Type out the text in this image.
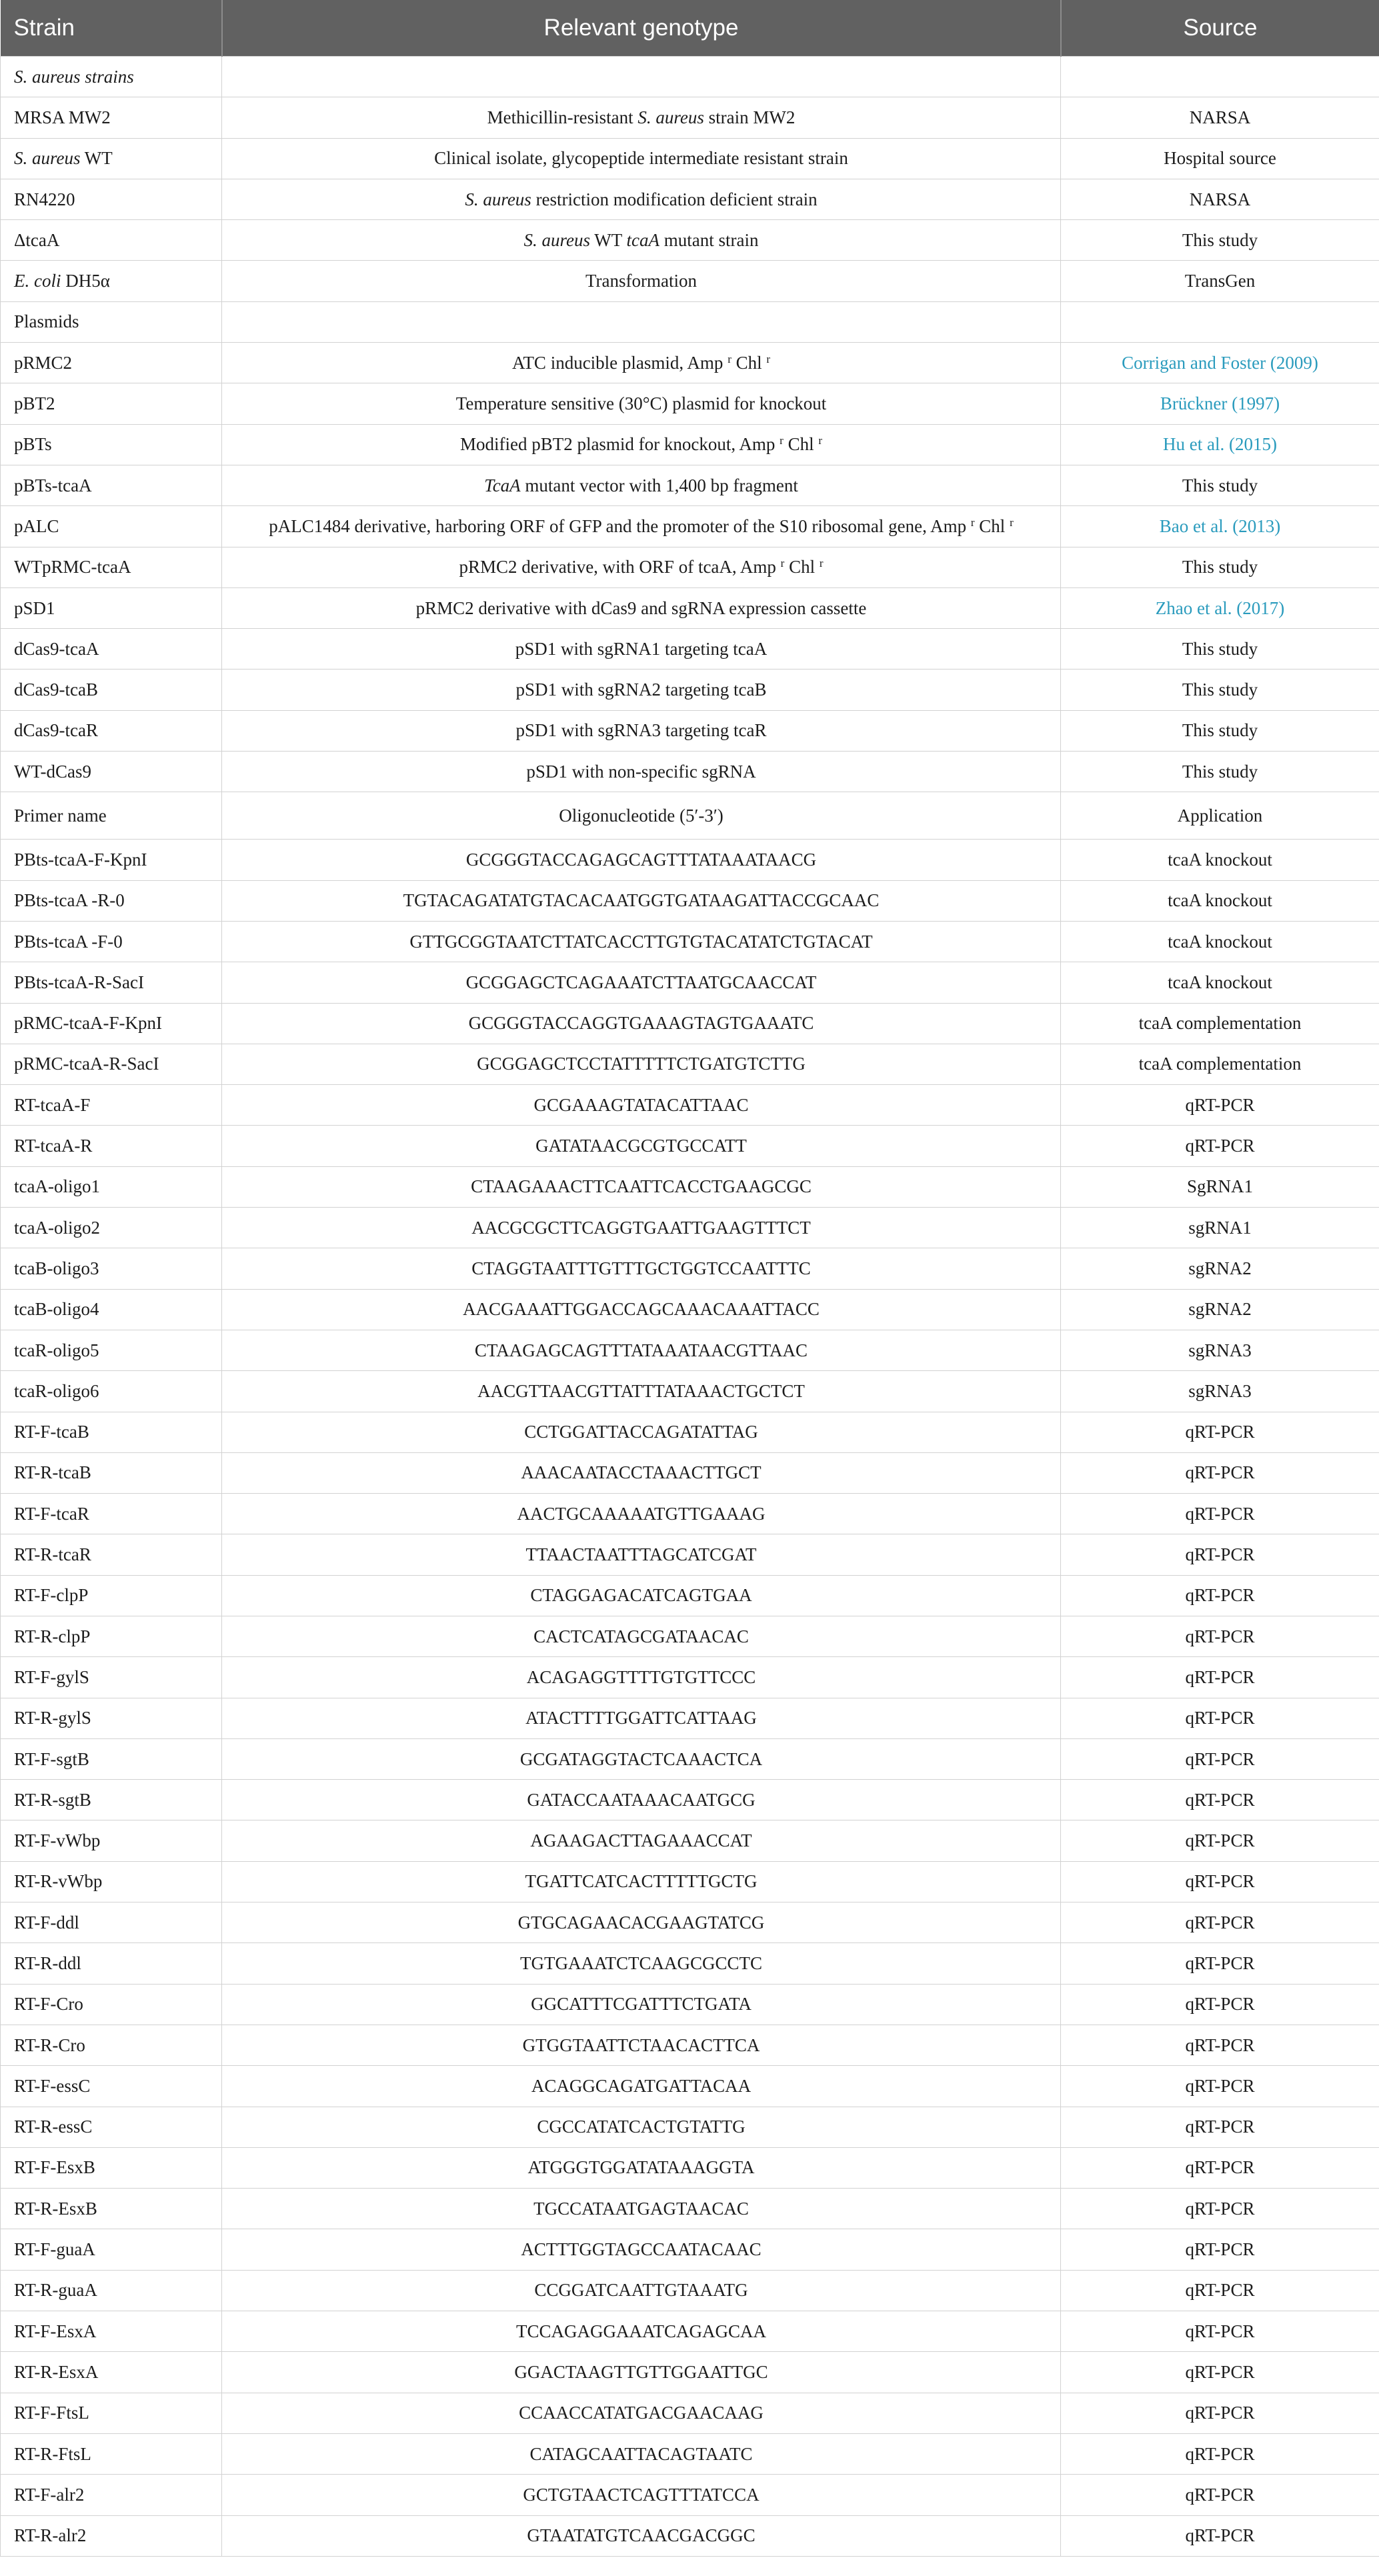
Strain	Relevant genotype	Source
S. aureus strains		
MRSA MW2	Methicillin-resistant S. aureus strain MW2	NARSA
S. aureus WT	Clinical isolate, glycopeptide intermediate resistant strain	Hospital source
RN4220	S. aureus restriction modification deficient strain	NARSA
ΔtcaA	S. aureus WT tcaA mutant strain	This study
E. coli DH5α	Transformation	TransGen
Plasmids		
pRMC2	ATC inducible plasmid, Amp $^r$ Chl $^r$	Corrigan and Foster (2009)
pBT2	Temperature sensitive (30°C) plasmid for knockout	Brückner (1997)
pBTs	Modified pBT2 plasmid for knockout, Amp $^r$ Chl $^r$	Hu et al. (2015)
pBTs-tcaA	TcaA mutant vector with 1,400 bp fragment	This study
pALC	pALC1484 derivative, harboring ORF of GFP and the promoter of the S10 ribosomal gene, Amp $^r$ Chl $^r$	Bao et al. (2013)
WTpRMC-tcaA	pRMC2 derivative, with ORF of tcaA, Amp $^r$ Chl $^r$	This study
pSD1	pRMC2 derivative with dCas9 and sgRNA expression cassette	Zhao et al. (2017)
dCas9-tcaA	pSD1 with sgRNA1 targeting tcaA	This study
dCas9-tcaB	pSD1 with sgRNA2 targeting tcaB	This study
dCas9-tcaR	pSD1 with sgRNA3 targeting tcaR	This study
WT-dCas9	pSD1 with non-specific sgRNA	This study
Primer name	Oligonucleotide (5′-3′)	Application
PBts-tcaA-F-KpnI	GCGGGTACCAGAGCAGTTTATAAATAACG	tcaA knockout
PBts-tcaA -R-0	TGTACAGATATGTACACAATGGTGATAAGATTACCGCAAC	tcaA knockout
PBts-tcaA -F-0	GTTGCGGTAATCTTATCACCTTGTGTACATATCTGTACAT	tcaA knockout
PBts-tcaA-R-SacI	GCGGAGCTCAGAAATCTTAATGCAACCAT	tcaA knockout
pRMC-tcaA-F-KpnI	GCGGGTACCAGGTGAAAGTAGTGAAATC	tcaA complementation
pRMC-tcaA-R-SacI	GCGGAGCTCCTATTTTTCTGATGTCTTG	tcaA complementation
RT-tcaA-F	GCGAAAGTATACATTAAC	qRT-PCR
RT-tcaA-R	GATATAACGCGTGCCATT	qRT-PCR
tcaA-oligo1	CTAAGAAACTTCAATTCACCTGAAGCGC	SgRNA1
tcaA-oligo2	AACGCGCTTCAGGTGAATTGAAGTTTCT	sgRNA1
tcaB-oligo3	CTAGGTAATTTGTTTGCTGGTCCAATTTC	sgRNA2
tcaB-oligo4	AACGAAATTGGACCAGCAAACAAATTACC	sgRNA2
tcaR-oligo5	CTAAGAGCAGTTTATAAATAACGTTAAC	sgRNA3
tcaR-oligo6	AACGTTAACGTTATTTATAAACTGCTCT	sgRNA3
RT-F-tcaB	CCTGGATTACCAGATATTAG	qRT-PCR
RT-R-tcaB	AAACAATACCTAAACTTGCT	qRT-PCR
RT-F-tcaR	AACTGCAAAAATGTTGAAAG	qRT-PCR
RT-R-tcaR	TTAACTAATTTAGCATCGAT	qRT-PCR
RT-F-clpP	CTAGGAGACATCAGTGAA	qRT-PCR
RT-R-clpP	CACTCATAGCGATAACAC	qRT-PCR
RT-F-gylS	ACAGAGGTTTTGTGTTCCC	qRT-PCR
RT-R-gylS	ATACTTTTGGATTCATTAAG	qRT-PCR
RT-F-sgtB	GCGATAGGTACTCAAACTCA	qRT-PCR
RT-R-sgtB	GATACCAATAAACAATGCG	qRT-PCR
RT-F-vWbp	AGAAGACTTAGAAACCAT	qRT-PCR
RT-R-vWbp	TGATTCATCACTTTTTGCTG	qRT-PCR
RT-F-ddl	GTGCAGAACACGAAGTATCG	qRT-PCR
RT-R-ddl	TGTGAAATCTCAAGCGCCTC	qRT-PCR
RT-F-Cro	GGCATTTCGATTTCTGATA	qRT-PCR
RT-R-Cro	GTGGTAATTCTAACACTTCA	qRT-PCR
RT-F-essC	ACAGGCAGATGATTACAA	qRT-PCR
RT-R-essC	CGCCATATCACTGTATTG	qRT-PCR
RT-F-EsxB	ATGGGTGGATATAAAGGTA	qRT-PCR
RT-R-EsxB	TGCCATAATGAGTAACAC	qRT-PCR
RT-F-guaA	ACTTTGGTAGCCAATACAAC	qRT-PCR
RT-R-guaA	CCGGATCAATTGTAAATG	qRT-PCR
RT-F-EsxA	TCCAGAGGAAATCAGAGCAA	qRT-PCR
RT-R-EsxA	GGACTAAGTTGTTGGAATTGC	qRT-PCR
RT-F-FtsL	CCAACCATATGACGAACAAG	qRT-PCR
RT-R-FtsL	CATAGCAATTACAGTAATC	qRT-PCR
RT-F-alr2	GCTGTAACTCAGTTTATCCA	qRT-PCR
RT-R-alr2	GTAATATGTCAACGACGGC	qRT-PCR
